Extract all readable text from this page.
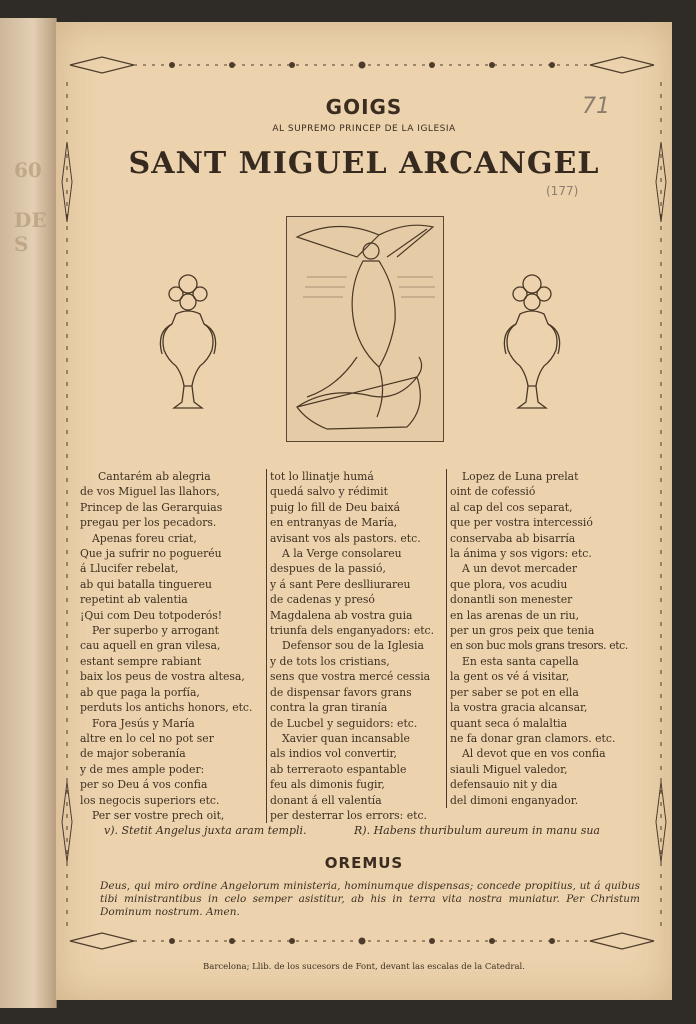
60
DE S
GOIGS
AL SUPREMO PRINCEP DE LA IGLESIA
SANT MIGUEL ARCANGEL
71
(177)
Cantarém ab alegria
de vos Miguel las llahors,
Princep de las Gerarquias
pregau per los pecadors.
Apenas foreu criat,
Que ja sufrir no pogueréu
á Llucifer rebelat,
ab qui batalla tinguereu
repetint ab valentia
¡Qui com Deu totpoderós!
Per superbo y arrogant
cau aquell en gran vilesa,
estant sempre rabiant
baix los peus de vostra altesa,
ab que paga la porfía,
perduts los antichs honors, etc.
Fora Jesús y María
altre en lo cel no pot ser
de major soberanía
y de mes ample poder:
per so Deu á vos confia
los negocis superiors etc.
Per ser vostre prech oit,
tot lo llinatje humá
quedá salvo y rédimit
puig lo fill de Deu baixá
en entranyas de María,
avisant vos als pastors. etc.
A la Verge consolareu
despues de la passió,
y á sant Pere deslliurareu
de cadenas y presó
Magdalena ab vostra guia
triunfa dels enganyadors: etc.
Defensor sou de la Iglesia
y de tots los cristians,
sens que vostra mercé cessia
de dispensar favors grans
contra la gran tiranía
de Lucbel y seguidors: etc.
Xavier quan incansable
als indios vol convertir,
ab terreraoto espantable
feu als dimonis fugir,
donant á ell valentía
per desterrar los errors: etc.
Lopez de Luna prelat
oint de cofessió
al cap del cos separat,
que per vostra intercessió
conservaba ab bisarría
la ánima y sos vigors: etc.
A un devot mercader
que plora, vos acudiu
donantli son menester
en las arenas de un riu,
per un gros peix que tenia
en son buc mols grans tresors. etc.
En esta santa capella
la gent os vé á visitar,
per saber se pot en ella
la vostra gracia alcansar,
quant seca ó malaltia
ne fa donar gran clamors. etc.
Al devot que en vos confia
siauli Miguel valedor,
defensauio nit y dia
del dimoni enganyador.
v). Stetit Angelus juxta aram templi.	R). Habens thuribulum aureum in manu sua
OREMUS
Deus, qui miro ordine Angelorum ministeria, hominumque dispensas; concede propitius, ut á quibus tibi ministrantibus in celo semper asistitur, ab his in terra vita nostra muniatur. Per Christum Dominum nostrum. Amen.
Barcelona; Llib. de los sucesors de Font, devant las escalas de la Catedral.
